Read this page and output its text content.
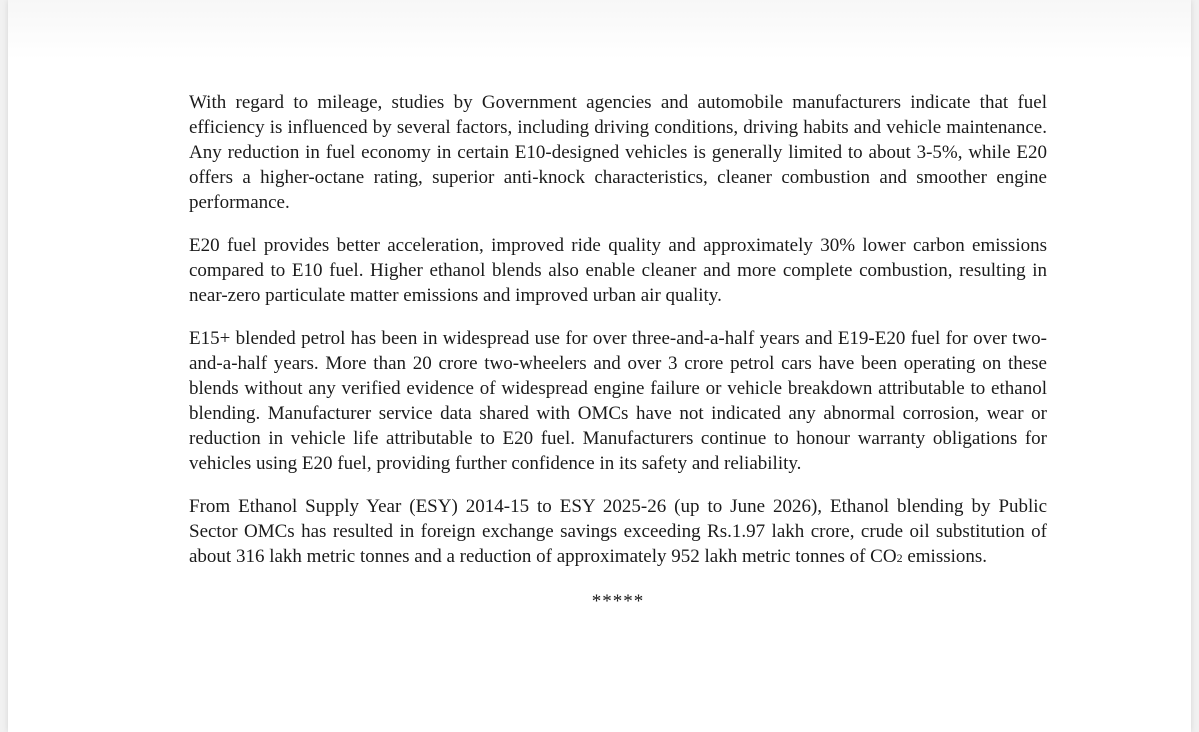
With regard to mileage, studies by Government agencies and automobile manufacturers indicate that fuel efficiency is influenced by several factors, including driving conditions, driving habits and vehicle maintenance. Any reduction in fuel economy in certain E10-designed vehicles is generally limited to about 3-5%, while E20 offers a higher-octane rating, superior anti-knock characteristics, cleaner combustion and smoother engine performance.

E20 fuel provides better acceleration, improved ride quality and approximately 30% lower carbon emissions compared to E10 fuel. Higher ethanol blends also enable cleaner and more complete combustion, resulting in near-zero particulate matter emissions and improved urban air quality.

E15+ blended petrol has been in widespread use for over three-and-a-half years and E19-E20 fuel for over two-and-a-half years. More than 20 crore two-wheelers and over 3 crore petrol cars have been operating on these blends without any verified evidence of widespread engine failure or vehicle breakdown attributable to ethanol blending. Manufacturer service data shared with OMCs have not indicated any abnormal corrosion, wear or reduction in vehicle life attributable to E20 fuel. Manufacturers continue to honour warranty obligations for vehicles using E20 fuel, providing further confidence in its safety and reliability.

From Ethanol Supply Year (ESY) 2014-15 to ESY 2025-26 (up to June 2026), Ethanol blending by Public Sector OMCs has resulted in foreign exchange savings exceeding Rs.1.97 lakh crore, crude oil substitution of about 316 lakh metric tonnes and a reduction of approximately 952 lakh metric tonnes of CO2 emissions.

*****
